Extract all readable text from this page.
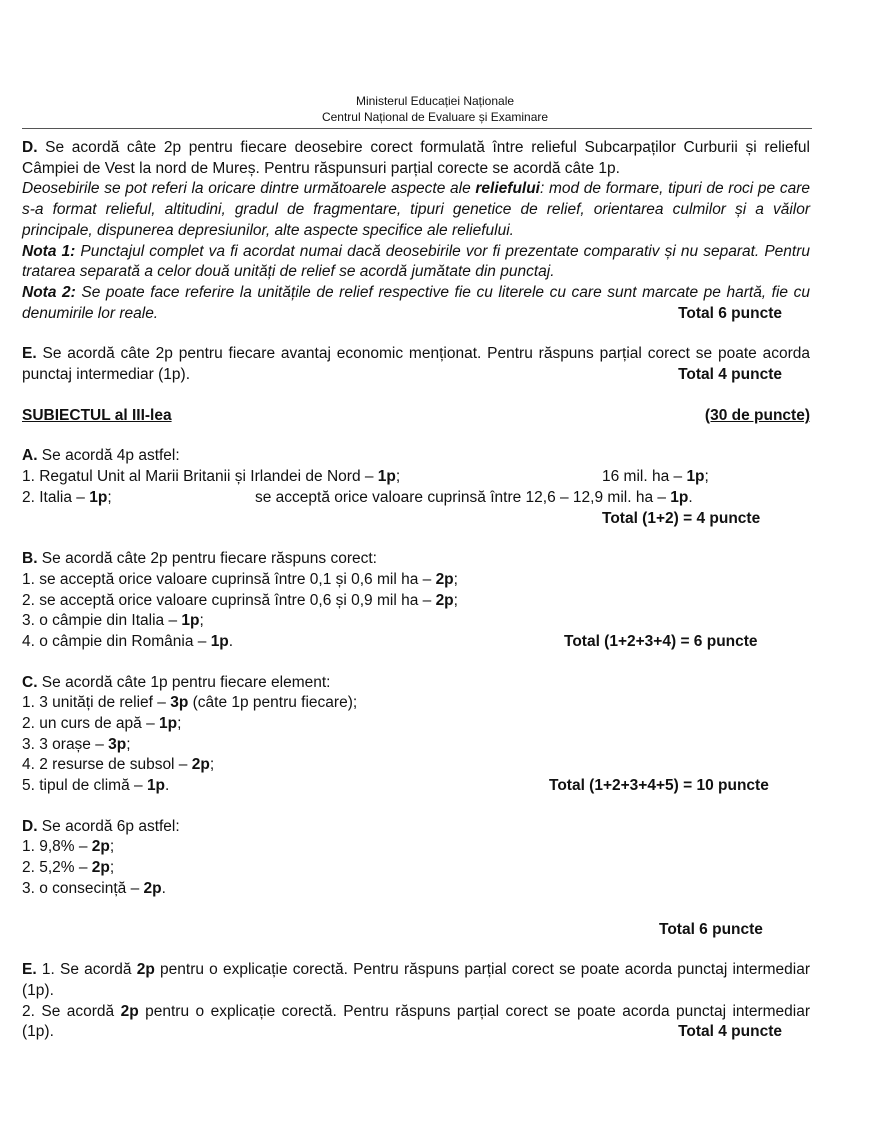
Ministerul Educației Naționale
Centrul Național de Evaluare și Examinare

D. Se acordă câte 2p pentru fiecare deosebire corect formulată între relieful Subcarpaților Curburii și relieful Câmpiei de Vest la nord de Mureș. Pentru răspunsuri parțial corecte se acordă câte 1p.

Deosebirile se pot referi la oricare dintre următoarele aspecte ale reliefului: mod de formare, tipuri de roci pe care s-a format relieful, altitudini, gradul de fragmentare, tipuri genetice de relief, orientarea culmilor și a văilor principale, dispunerea depresiunilor, alte aspecte specifice ale reliefului.

Nota 1: Punctajul complet va fi acordat numai dacă deosebirile vor fi prezentate comparativ și nu separat. Pentru tratarea separată a celor două unități de relief se acordă jumătate din punctaj.

Nota 2: Se poate face referire la unitățile de relief respective fie cu literele cu care sunt marcate pe hartă, fie cu denumirile lor reale.	Total 6 puncte

E. Se acordă câte 2p pentru fiecare avantaj economic menționat. Pentru răspuns parțial corect se poate acorda punctaj intermediar (1p).	Total 4 puncte

SUBIECTUL al III-lea	(30 de puncte)

A. Se acordă 4p astfel:

1. Regatul Unit al Marii Britanii și Irlandei de Nord – 1p;	16 mil. ha – 1p;
2. Italia – 1p;	se acceptă orice valoare cuprinsă între 12,6 – 12,9 mil. ha – 1p.
Total (1+2) = 4 puncte

B. Se acordă câte 2p pentru fiecare răspuns corect:

1. se acceptă orice valoare cuprinsă între 0,1 și 0,6 mil ha – 2p;
2. se acceptă orice valoare cuprinsă între 0,6 și 0,9 mil ha – 2p;
3. o câmpie din Italia – 1p;
4. o câmpie din România – 1p.	Total (1+2+3+4) = 6 puncte

C. Se acordă câte 1p pentru fiecare element:

1. 3 unități de relief – 3p (câte 1p pentru fiecare);
2. un curs de apă – 1p;
3. 3 orașe – 3p;
4. 2 resurse de subsol – 2p;
5. tipul de climă – 1p.	Total (1+2+3+4+5) = 10 puncte

D. Se acordă 6p astfel:

1. 9,8% – 2p;
2. 5,2% – 2p;
3. o consecință – 2p.
Total 6 puncte

E. 1. Se acordă 2p pentru o explicație corectă. Pentru răspuns parțial corect se poate acorda punctaj intermediar (1p).

2. Se acordă 2p pentru o explicație corectă. Pentru răspuns parțial corect se poate acorda punctaj intermediar (1p).	Total 4 puncte
